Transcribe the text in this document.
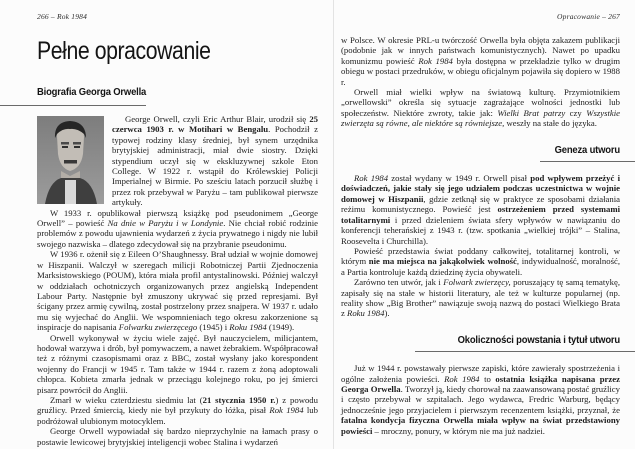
266 – Rok 1984
Pełne opracowanie
Biografia Georga Orwella

George Orwell, czyli Eric Arthur Blair, urodził się 25 czerwca 1903 r. w Motihari w Bengalu. Pochodził z typowej rodziny klasy średniej, był synem urzędnika brytyjskiej administracji, miał dwie siostry. Dzięki stypendium uczył się w ekskluzywnej szkole Eton College. W 1922 r. wstąpił do Królewskiej Policji Imperialnej w Birmie. Po sześciu latach porzucił służbę i przez rok przebywał w Paryżu – tam publikował pierwsze artykuły.

W 1933 r. opublikował pierwszą książkę pod pseudonimem „George Orwell” – powieść Na dnie w Paryżu i w Londynie. Nie chciał robić rodzinie problemów z powodu ujawnienia wydarzeń z życia prywatnego i nigdy nie lubił swojego nazwiska – dlatego zdecydował się na przybranie pseudonimu.

W 1936 r. ożenił się z Eileen O’Shaughnessy. Brał udział w wojnie domowej w Hiszpanii. Walczył w szeregach milicji Robotniczej Partii Zjednoczenia Marksistowskiego (POUM), która miała profil antystalinowski. Później walczył w oddziałach ochotniczych organizowanych przez angielską Independent Labour Party. Następnie był zmuszony ukrywać się przed represjami. Był ścigany przez armię cywilną, został postrzelony przez snajpera. W 1937 r. udało mu się wyjechać do Anglii. We wspomnieniach tego okresu zakorzenione są inspiracje do napisania Folwarku zwierzęcego (1945) i Roku 1984 (1949).

Orwell wykonywał w życiu wiele zajęć. Był nauczycielem, milicjantem, hodował warzywa i drób, był pomywaczem, a nawet żebrakiem. Współpracował też z różnymi czasopismami oraz z BBC, został wysłany jako korespondent wojenny do Francji w 1945 r. Tam także w 1944 r. razem z żoną adoptowali chłopca. Kobieta zmarła jednak w przeciągu kolejnego roku, po jej śmierci pisarz powrócił do Anglii.

Zmarł w wieku czterdziestu siedmiu lat (21 stycznia 1950 r.) z powodu gruźlicy. Przed śmiercią, kiedy nie był przykuty do łóżka, pisał Rok 1984 lub podróżował ulubionym motocyklem.

George Orwell wypowiadał się bardzo nieprzychylnie na łamach prasy o postawie lewicowej brytyjskiej inteligencji wobec Stalina i wydarzeń

Opracowanie – 267

w Polsce. W okresie PRL-u twórczość Orwella była objęta zakazem publikacji (podobnie jak w innych państwach komunistycznych). Nawet po upadku komunizmu powieść Rok 1984 była dostępna w przekładzie tylko w drugim obiegu w postaci przedruków, w obiegu oficjalnym pojawiła się dopiero w 1988 r.

Orwell miał wielki wpływ na światową kulturę. Przymiotnikiem „orwellowski” określa się sytuacje zagrażające wolności jednostki lub społeczeństw. Niektóre zwroty, takie jak: Wielki Brat patrzy czy Wszystkie zwierzęta są równe, ale niektóre są równiejsze, weszły na stałe do języka.

Geneza utworu

Rok 1984 został wydany w 1949 r. Orwell pisał pod wpływem przeżyć i doświadczeń, jakie stały się jego udziałem podczas uczestnictwa w wojnie domowej w Hiszpanii, gdzie zetknął się w praktyce ze sposobami działania reżimu komunistycznego. Powieść jest ostrzeżeniem przed systemami totalitarnymi i przed dzieleniem świata sfery wpływów w nawiązaniu do konferencji teherańskiej z 1943 r. (tzw. spotkania „wielkiej trójki” – Stalina, Roosevelta i Churchilla).

Powieść przedstawia świat poddany całkowitej, totalitarnej kontroli, w którym nie ma miejsca na jakąkolwiek wolność, indywidualność, moralność, a Partia kontroluje każdą dziedzinę życia obywateli.

Zarówno ten utwór, jak i Folwark zwierzęcy, poruszający tę samą tematykę, zapisały się na stałe w historii literatury, ale też w kulturze popularnej (np. reality show „Big Brother” nawiązuje swoją nazwą do postaci Wielkiego Brata z Roku 1984).

Okoliczności powstania i tytuł utworu

Już w 1944 r. powstawały pierwsze zapiski, które zawierały spostrzeżenia i ogólne założenia powieści. Rok 1984 to ostatnia książka napisana przez Georga Orwella. Tworzył ją, kiedy chorował na zaawansowaną postać gruźlicy i często przebywał w szpitalach. Jego wydawca, Fredric Warburg, będący jednocześnie jego przyjacielem i pierwszym recenzentem książki, przyznał, że fatalna kondycja fizyczna Orwella miała wpływ na świat przedstawiony powieści – mroczny, ponury, w którym nie ma już nadziei.
